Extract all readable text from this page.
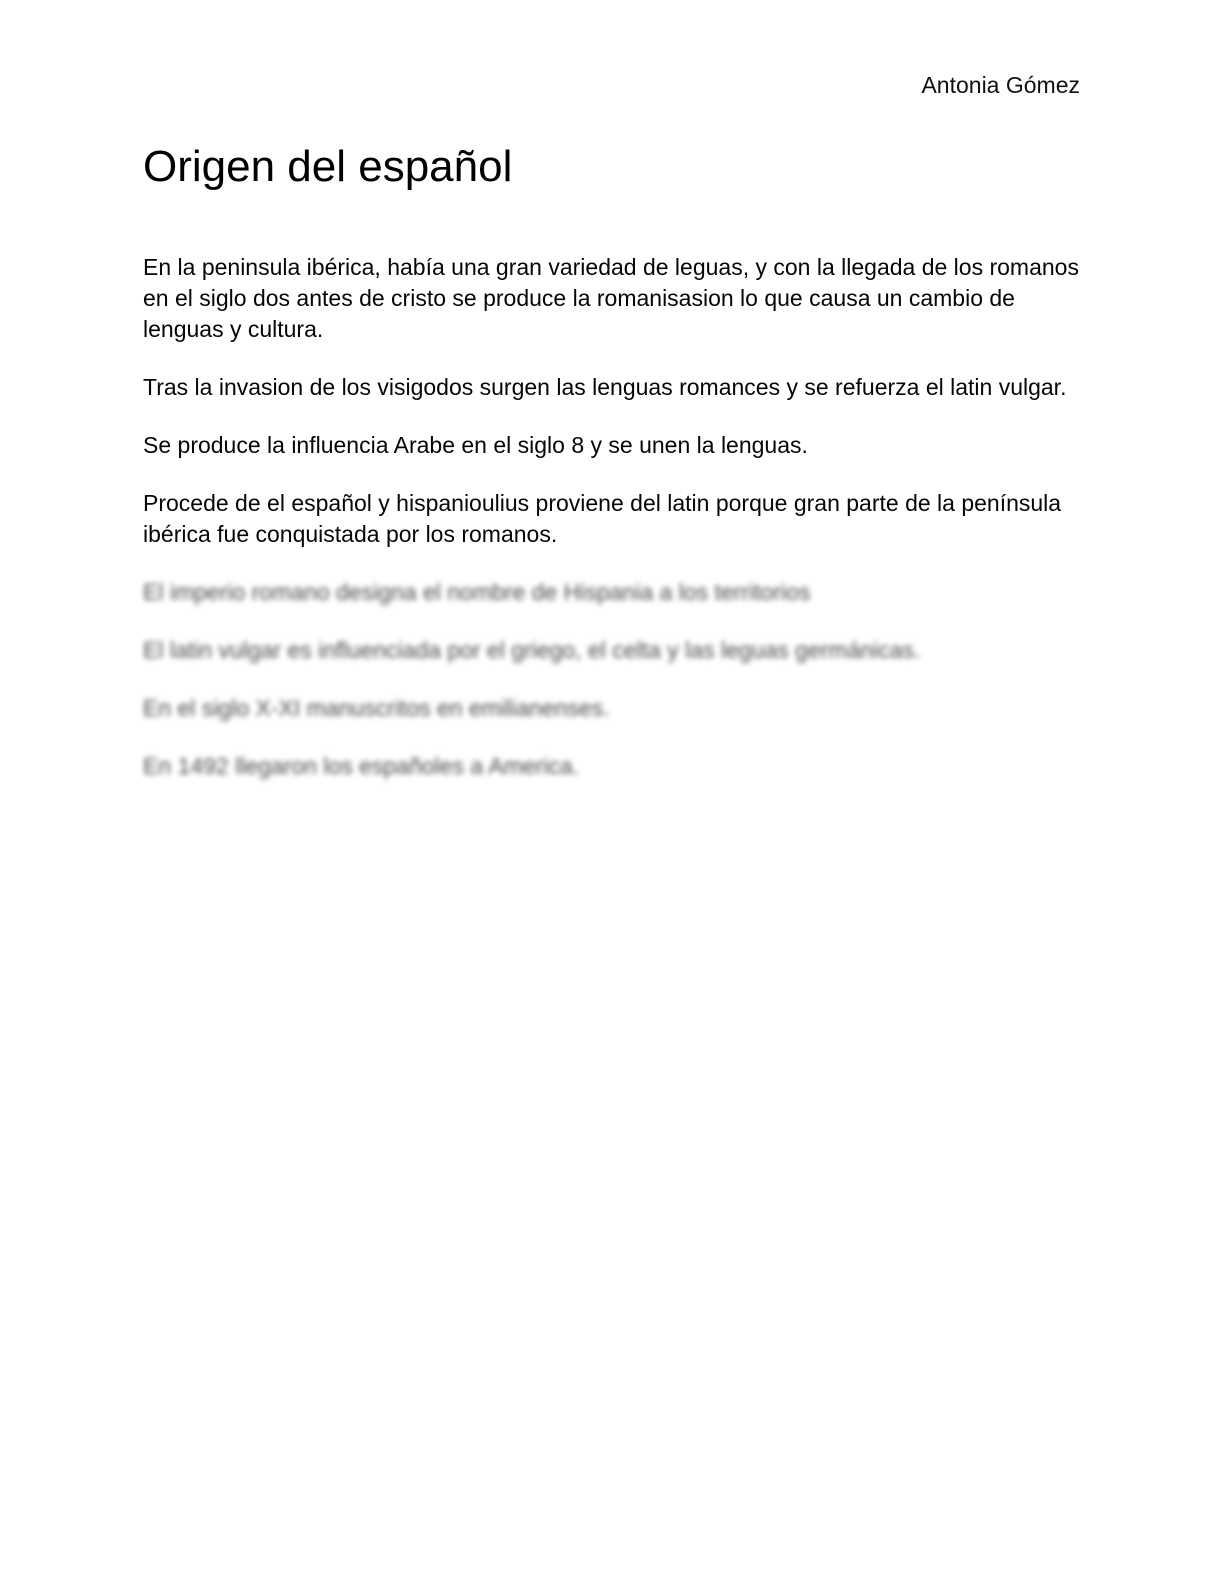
Antonia Gómez
Origen del español

En la peninsula ibérica, había una gran variedad de leguas, y con la llegada de los romanos en el siglo dos antes de cristo se produce la romanisasion lo que causa un cambio de lenguas y cultura.

Tras la invasion de los visigodos surgen las lenguas romances y se refuerza el latin vulgar.

Se produce la influencia Arabe en el siglo 8 y se unen la lenguas.

Procede de el español y hispanioulius proviene del latin porque gran parte de la península ibérica fue conquistada por los romanos.

El imperio romano designa el nombre de Hispania a los territorios

El latin vulgar es influenciada por el griego, el celta y las leguas germánicas.

En el siglo X-XI manuscritos en emilianenses.

En 1492 llegaron los españoles a America.
